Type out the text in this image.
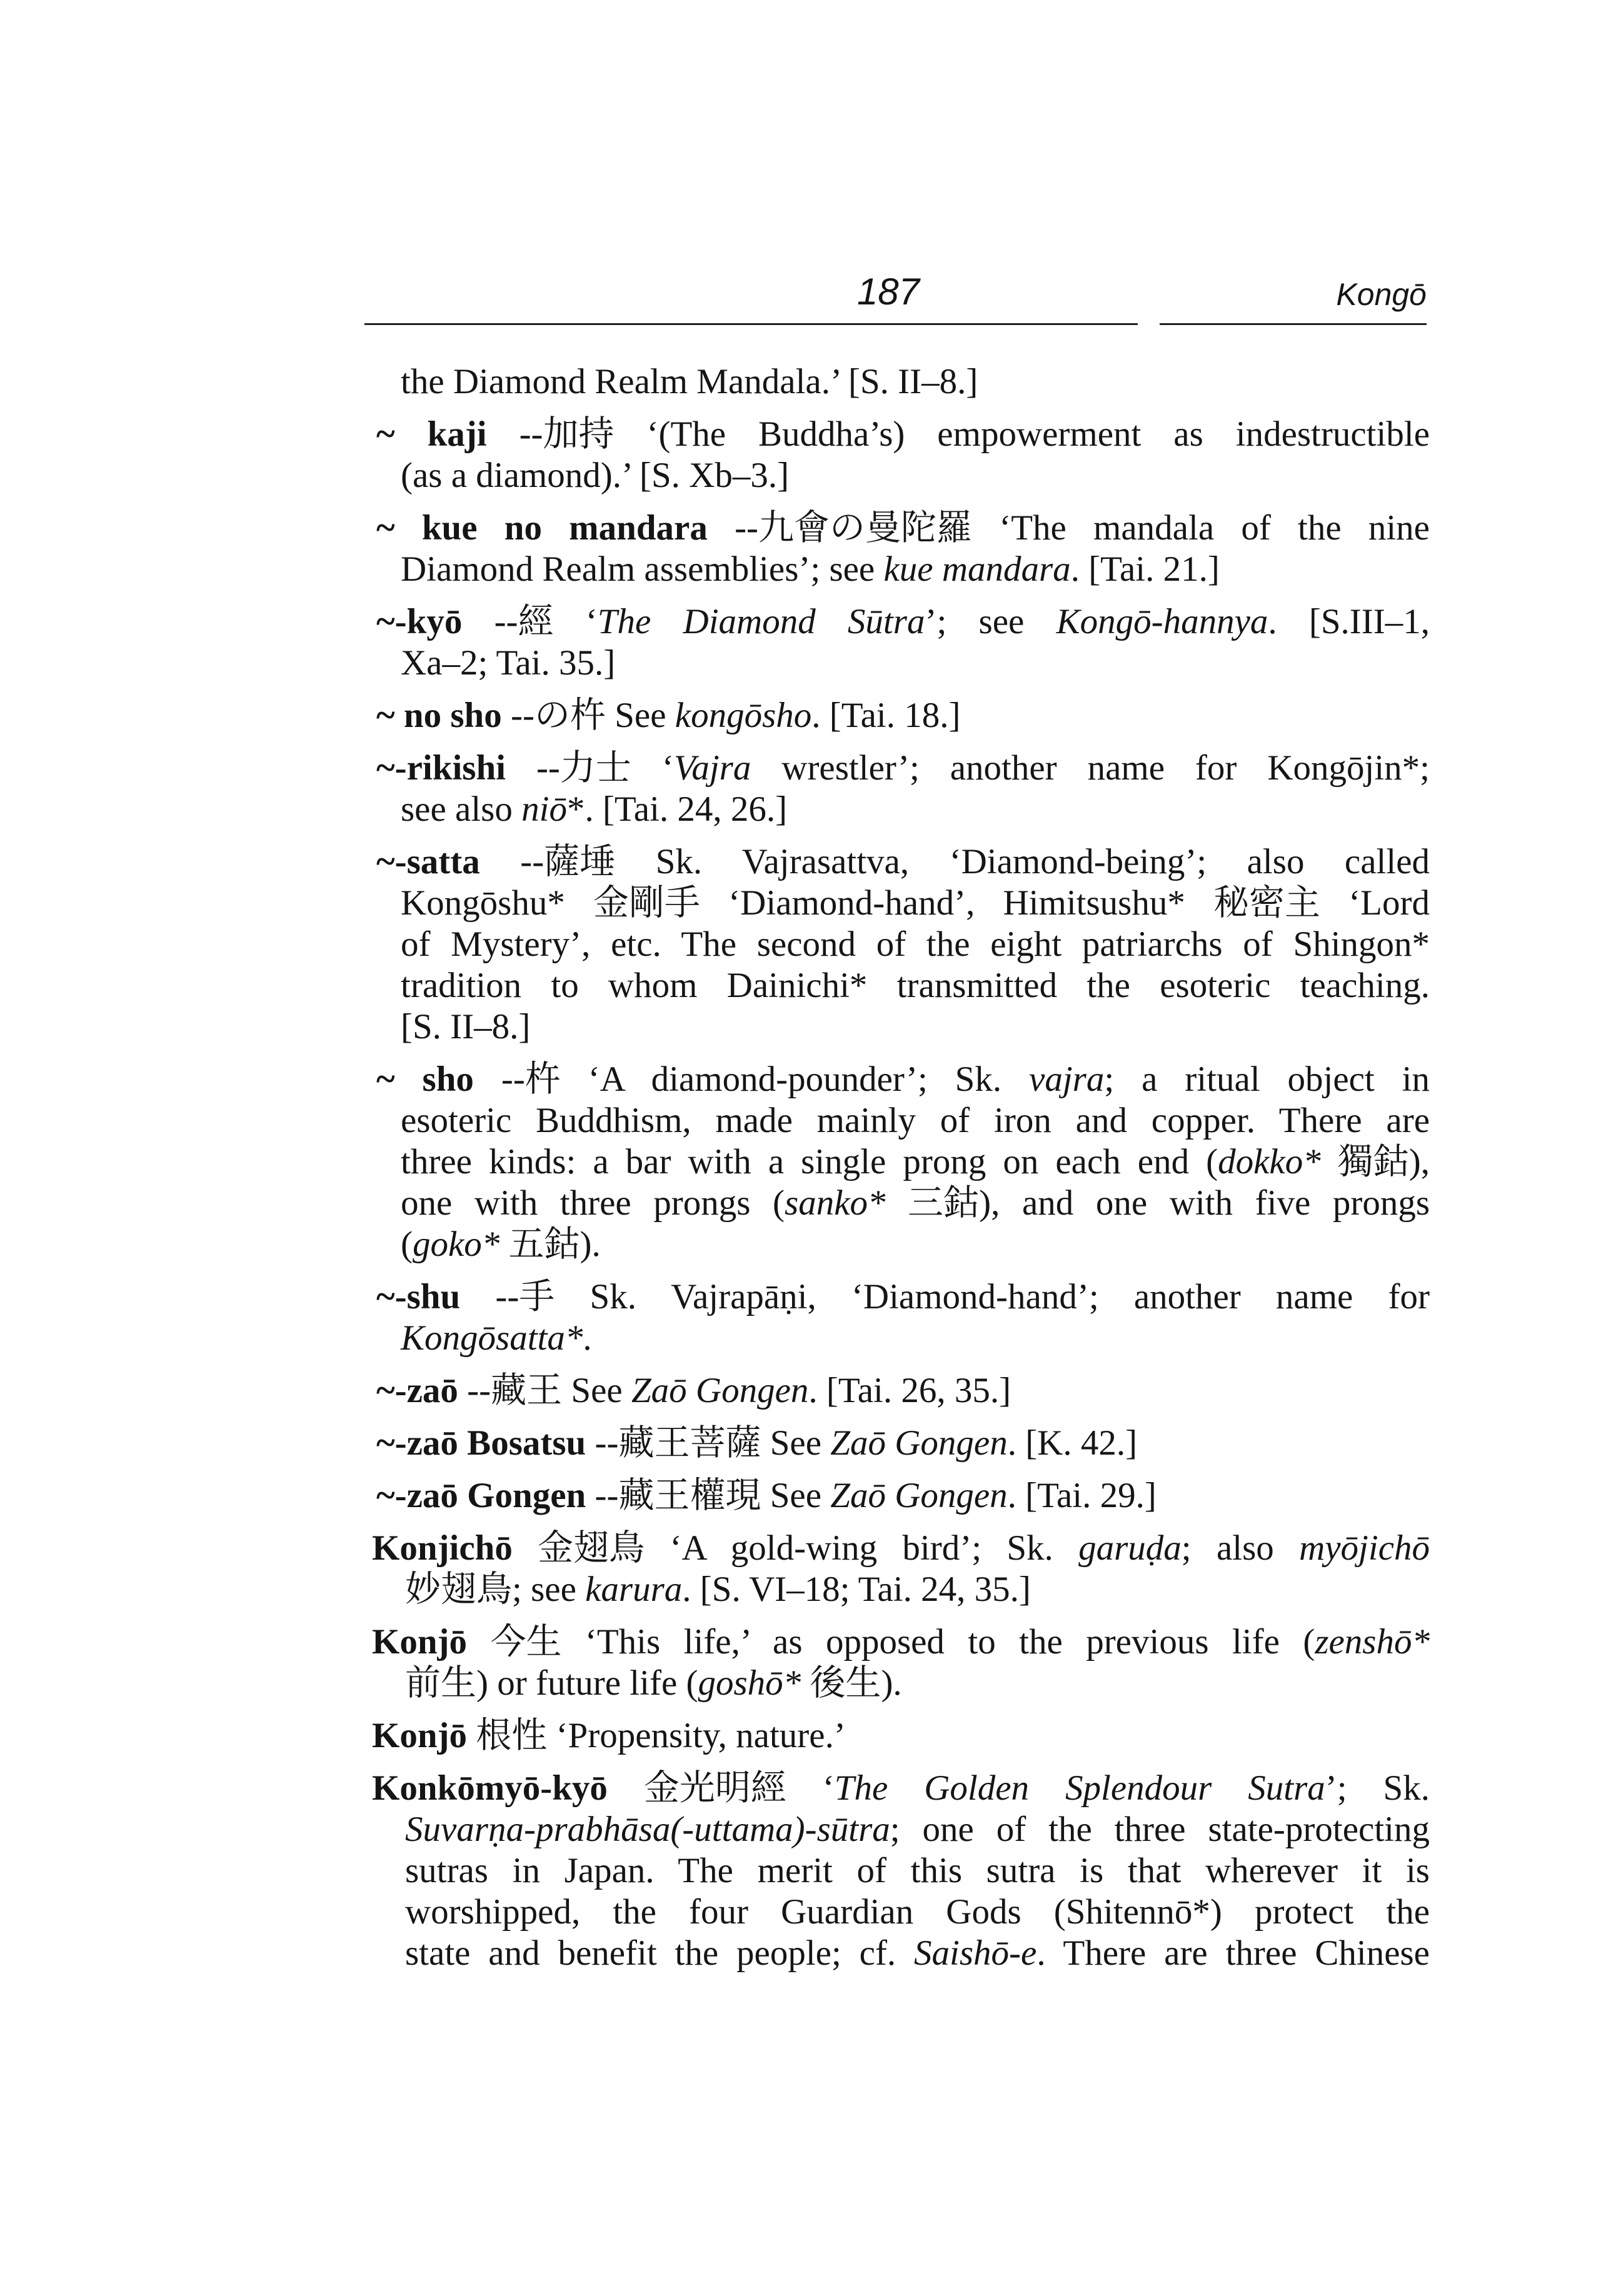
187	Kongō
the Diamond Realm Mandala.’ [S. II–8.]
~ kaji --加持 ‘(The Buddha’s) empowerment as indestructible
(as a diamond).’ [S. Xb–3.]
~ kue no mandara --九會の曼陀羅 ‘The mandala of the nine
Diamond Realm assemblies’; see kue mandara. [Tai. 21.]
~-kyō --經 ‘The Diamond Sūtra’; see Kongō-hannya. [S.III–1,
Xa–2; Tai. 35.]
~ no sho --の杵 See kongōsho. [Tai. 18.]
~-rikishi --力士 ‘Vajra wrestler’; another name for Kongōjin*;
see also niō*. [Tai. 24, 26.]
~-satta --薩埵 Sk. Vajrasattva, ‘Diamond-being’; also called
Kongōshu* 金剛手 ‘Diamond-hand’, Himitsushu* 秘密主 ‘Lord
of Mystery’, etc. The second of the eight patriarchs of Shingon*
tradition to whom Dainichi* transmitted the esoteric teaching.
[S. II–8.]
~ sho --杵 ‘A diamond-pounder’; Sk. vajra; a ritual object in
esoteric Buddhism, made mainly of iron and copper. There are
three kinds: a bar with a single prong on each end (dokko* 獨鈷),
one with three prongs (sanko* 三鈷), and one with five prongs
(goko* 五鈷).
~-shu --手 Sk. Vajrapāṇi, ‘Diamond-hand’; another name for
Kongōsatta*.
~-zaō --藏王 See Zaō Gongen. [Tai. 26, 35.]
~-zaō Bosatsu --藏王菩薩 See Zaō Gongen. [K. 42.]
~-zaō Gongen --藏王權現 See Zaō Gongen. [Tai. 29.]
Konjichō 金翅鳥 ‘A gold-wing bird’; Sk. garuḍa; also myōjichō
妙翅鳥; see karura. [S. VI–18; Tai. 24, 35.]
Konjō 今生 ‘This life,’ as opposed to the previous life (zenshō*
前生) or future life (goshō* 後生).
Konjō 根性 ‘Propensity, nature.’
Konkōmyō-kyō 金光明經 ‘The Golden Splendour Sutra’; Sk.
Suvarṇa-prabhāsa(-uttama)-sūtra; one of the three state-protecting
sutras in Japan. The merit of this sutra is that wherever it is
worshipped, the four Guardian Gods (Shitennō*) protect the
state and benefit the people; cf. Saishō-e. There are three Chinese
